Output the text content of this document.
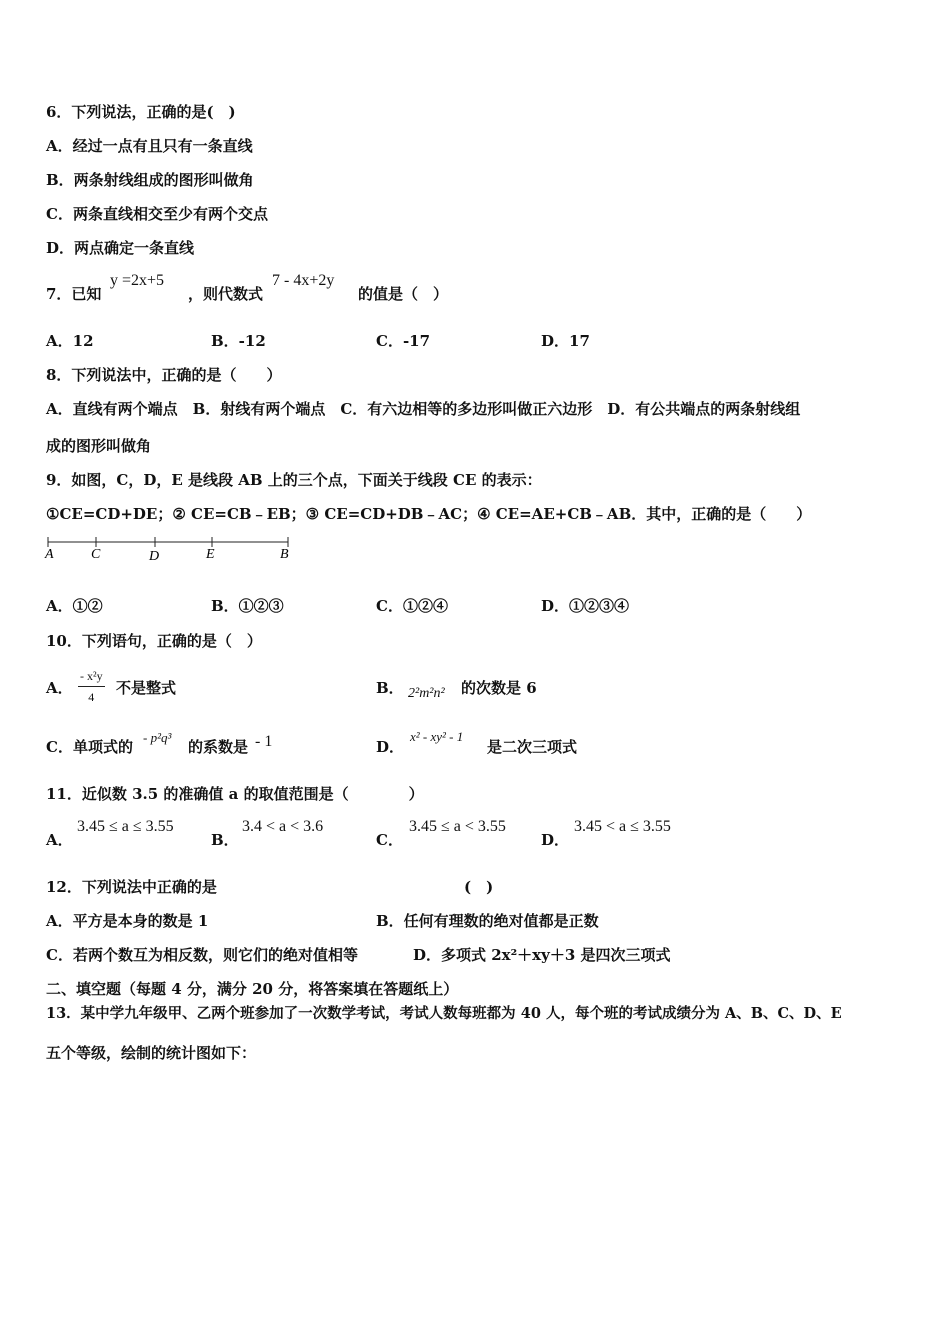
6．下列说法，正确的是(　)
A．经过一点有且只有一条直线
B．两条射线组成的图形叫做角
C．两条直线相交至少有两个交点
D．两点确定一条直线
7．已知
y =2x+5
，则代数式
7 - 4x+2y
的值是（　）
A．12	B．-12	C．-17	D．17
8．下列说法中，正确的是（　　）
A．直线有两个端点　B．射线有两个端点　C．有六边相等的多边形叫做正六边形　D．有公共端点的两条射线组
成的图形叫做角
9．如图，C，D，E 是线段 AB 上的三个点，下面关于线段 CE 的表示：
①CE=CD+DE；② CE=CB﹣EB；③ CE=CD+DB﹣AC；④ CE=AE+CB﹣AB．其中，正确的是（　　）
A	C	D	E	B
A．①②	B．①②③	C．①②④	D．①②③④
10．下列语句，正确的是（　）
A． $\frac{\text{- x²y}}{4}$ 不是整式	B． 2²m²n² 的次数是 6
C．单项式的
- p²q³
的系数是 - 1	D．
x² - xy² - 1
是二次三项式
11．近似数 3.5 的准确值 a 的取值范围是（　　　　）
A．
3.45 ≤ a ≤ 3.55
B．
3.4 < a < 3.6
C．
3.45 ≤ a < 3.55
D．
3.45 < a ≤ 3.55
12．下列说法中正确的是	(　)
A．平方是本身的数是 1	B．任何有理数的绝对值都是正数
C．若两个数互为相反数，则它们的绝对值相等	D．多项式 2x²＋xy＋3 是四次三项式
二、填空题（每题 4 分，满分 20 分，将答案填在答题纸上）
13．某中学九年级甲、乙两个班参加了一次数学考试，考试人数每班都为 40 人，每个班的考试成绩分为 A、B、C、D、E
五个等级，绘制的统计图如下：
